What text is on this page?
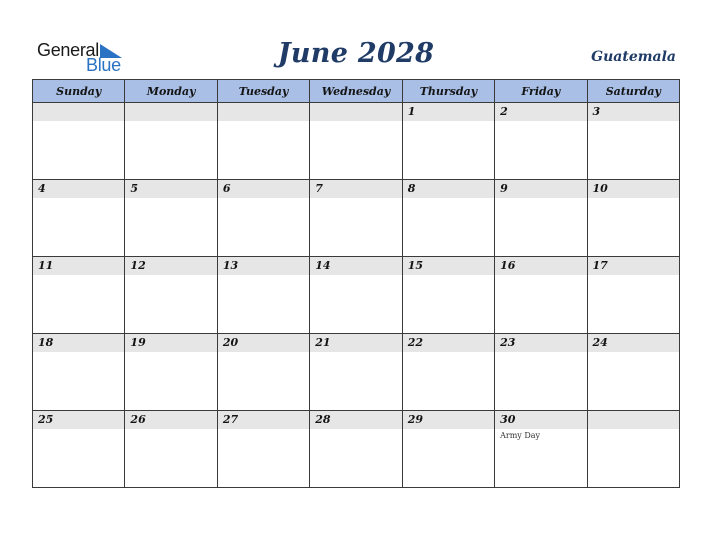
General
Blue	June 2028	Guatemala
Sunday	Monday	Tuesday	Wednesday	Thursday	Friday	Saturday

				1	2	3

4	5	6	7	8	9	10

11	12	13	14	15	16	17

18	19	20	21	22	23	24

25	26	27	28	29	30
Army Day	
